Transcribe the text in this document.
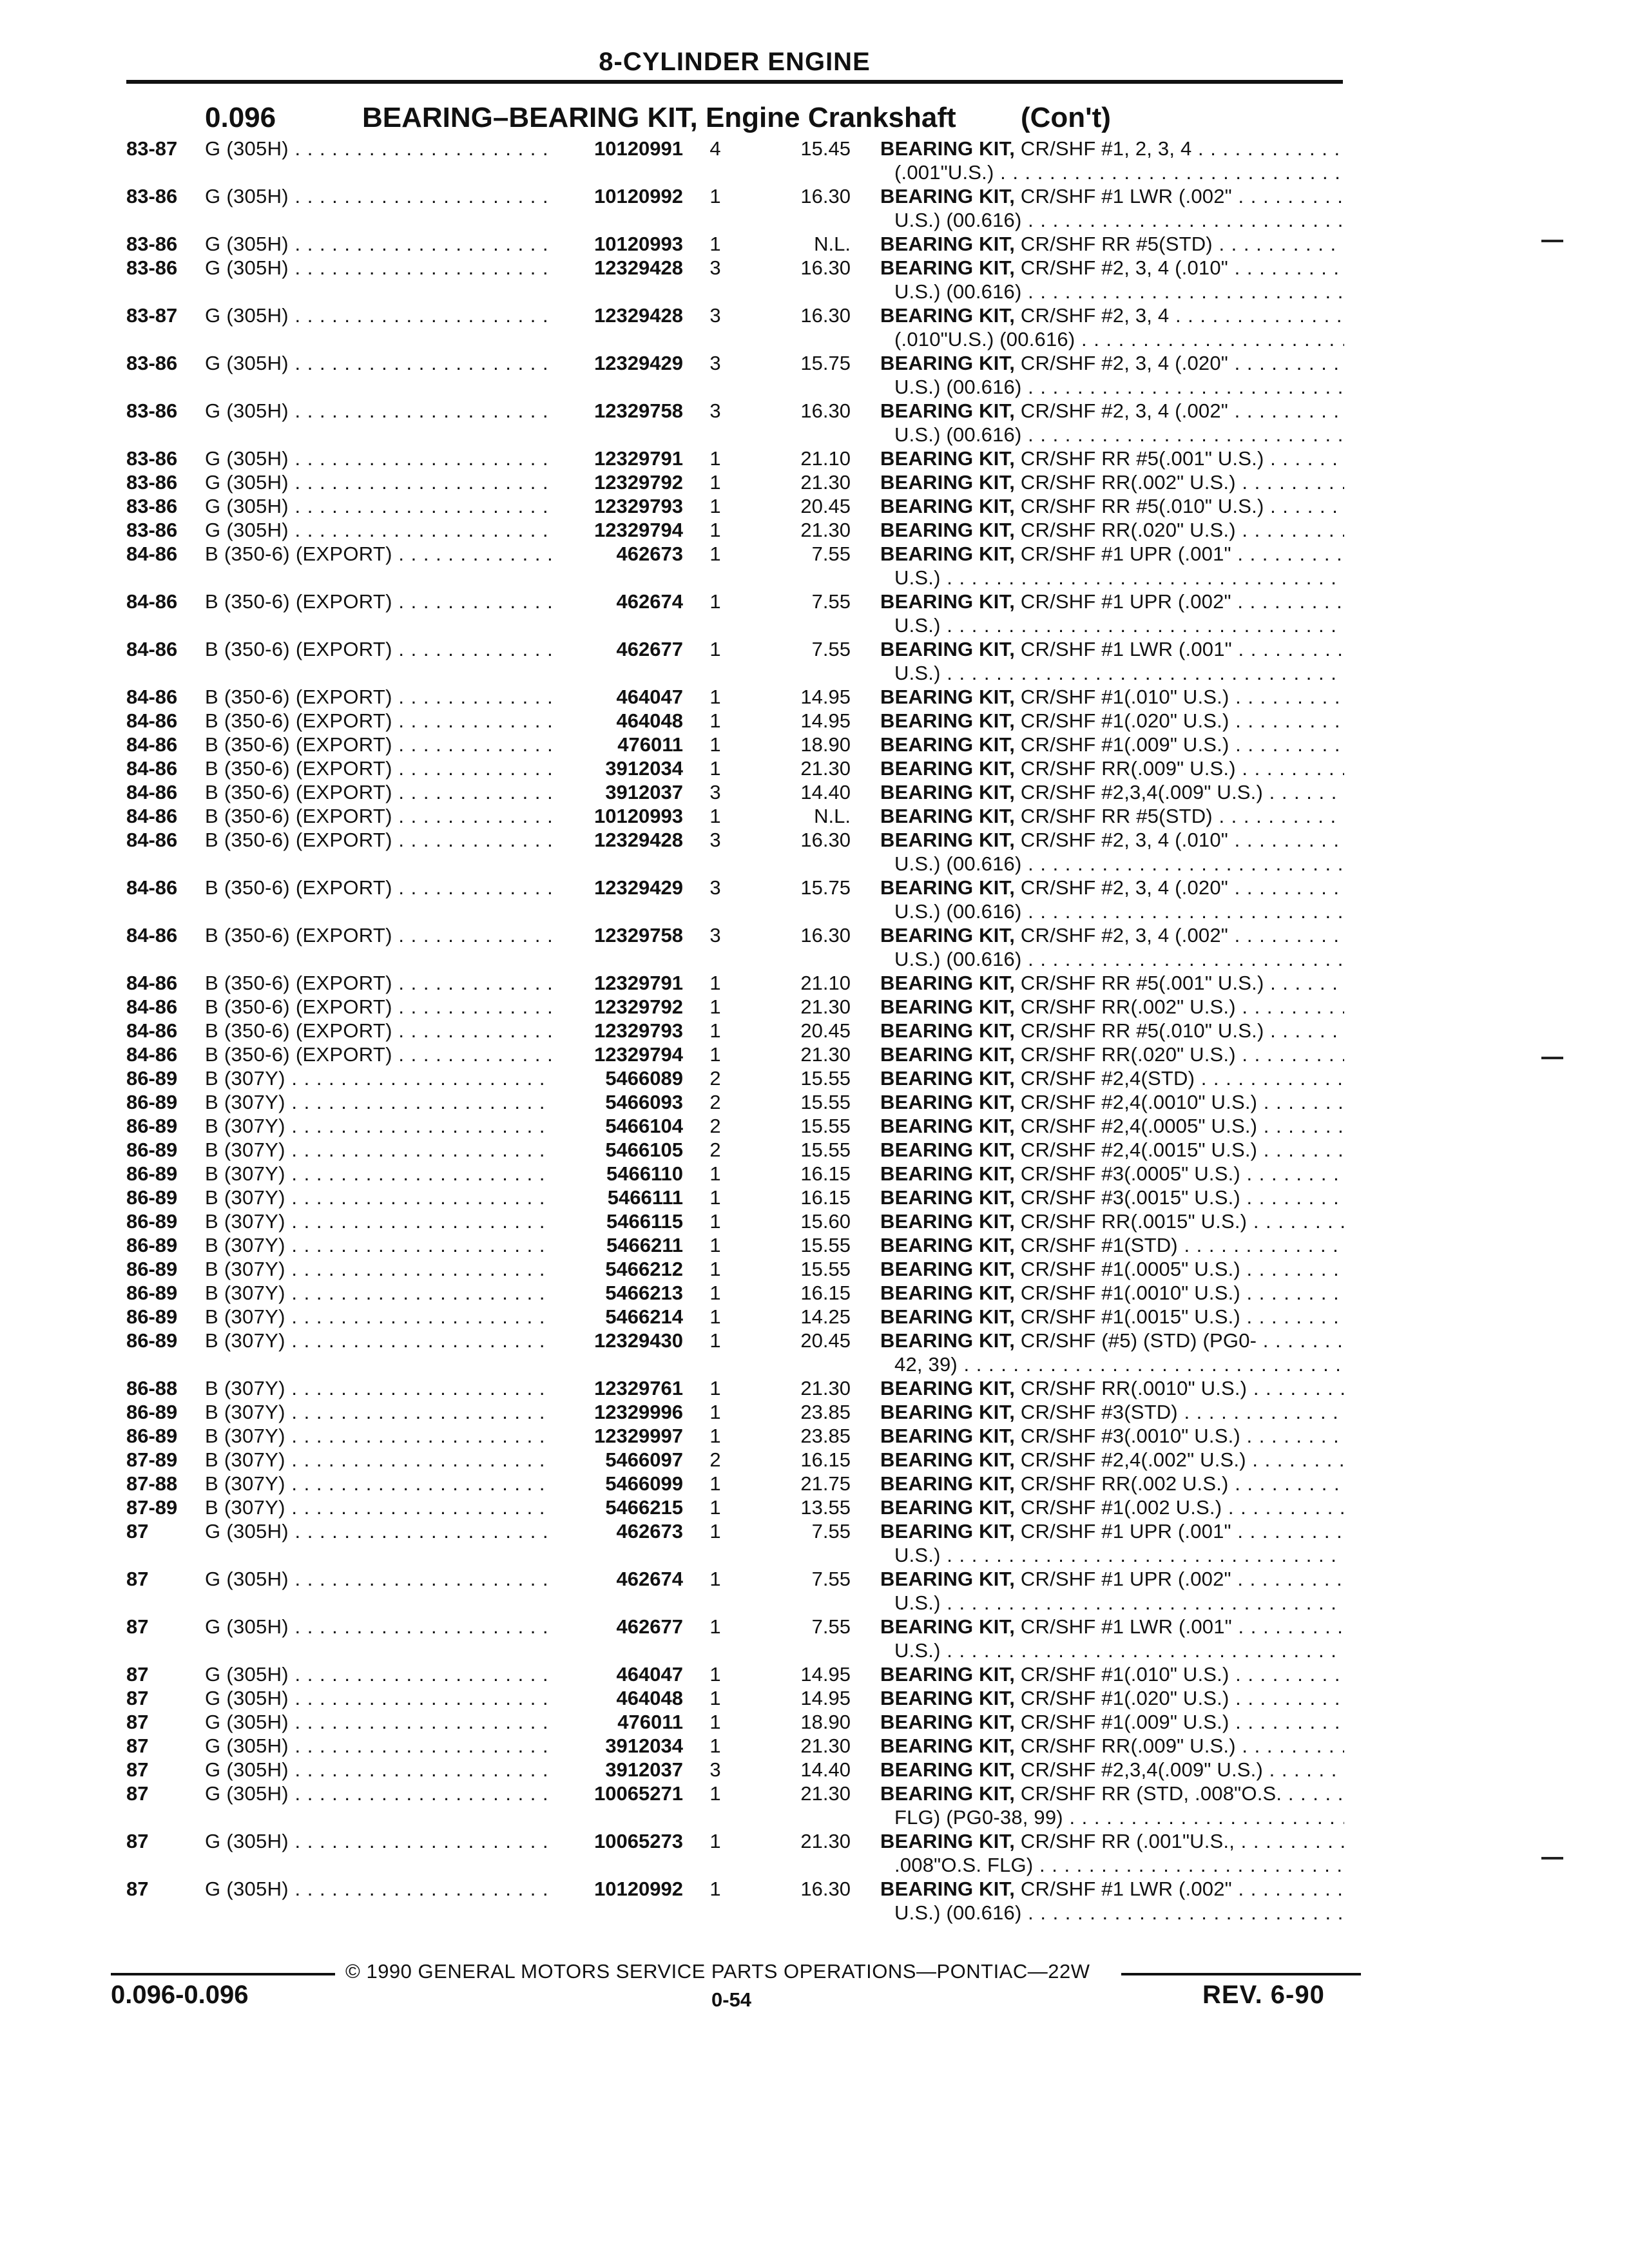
8-CYLINDER ENGINE
0.096	BEARING–BEARING KIT, Engine Crankshaft (Con't)
83-87	G (305H) . . .	10120991	4	15.45 BEARING KIT, CR/SHF #1, 2, 3, 4 . . .
(.001"U.S.) . . .
83-86	G (305H) . . .	10120992	1	16.30 BEARING KIT, CR/SHF #1 LWR (.002" . . .
U.S.) (00.616) . . .
83-86	G (305H) . . .	10120993	1	N.L. BEARING KIT, CR/SHF RR #5(STD) . . .
83-86	G (305H) . . .	12329428	3	16.30 BEARING KIT, CR/SHF #2, 3, 4 (.010" . . .
U.S.) (00.616) . . .
83-87	G (305H) . . .	12329428	3	16.30 BEARING KIT, CR/SHF #2, 3, 4 . . .
(.010"U.S.) (00.616) . . .
83-86	G (305H) . . .	12329429	3	15.75 BEARING KIT, CR/SHF #2, 3, 4 (.020" . . .
U.S.) (00.616) . . .
83-86	G (305H) . . .	12329758	3	16.30 BEARING KIT, CR/SHF #2, 3, 4 (.002" . . .
U.S.) (00.616) . . .
83-86	G (305H) . . .	12329791	1	21.10 BEARING KIT, CR/SHF RR #5(.001" U.S.) . . .
83-86	G (305H) . . .	12329792	1	21.30 BEARING KIT, CR/SHF RR(.002" U.S.) . . .
83-86	G (305H) . . .	12329793	1	20.45 BEARING KIT, CR/SHF RR #5(.010" U.S.) . . .
83-86	G (305H) . . .	12329794	1	21.30 BEARING KIT, CR/SHF RR(.020" U.S.) . . .
84-86	B (350-6) (EXPORT) . . .	462673	1	7.55 BEARING KIT, CR/SHF #1 UPR (.001" . . .
U.S.) . . .
84-86	B (350-6) (EXPORT) . . .	462674	1	7.55 BEARING KIT, CR/SHF #1 UPR (.002" . . .
U.S.) . . .
84-86	B (350-6) (EXPORT) . . .	462677	1	7.55 BEARING KIT, CR/SHF #1 LWR (.001" . . .
U.S.) . . .
84-86	B (350-6) (EXPORT) . . .	464047	1	14.95 BEARING KIT, CR/SHF #1(.010" U.S.) . . .
84-86	B (350-6) (EXPORT) . . .	464048	1	14.95 BEARING KIT, CR/SHF #1(.020" U.S.) . . .
84-86	B (350-6) (EXPORT) . . .	476011	1	18.90 BEARING KIT, CR/SHF #1(.009" U.S.) . . .
84-86	B (350-6) (EXPORT) . . .	3912034	1	21.30 BEARING KIT, CR/SHF RR(.009" U.S.) . . .
84-86	B (350-6) (EXPORT) . . .	3912037	3	14.40 BEARING KIT, CR/SHF #2,3,4(.009" U.S.) . . .
84-86	B (350-6) (EXPORT) . . .	10120993	1	N.L. BEARING KIT, CR/SHF RR #5(STD) . . .
84-86	B (350-6) (EXPORT) . . .	12329428	3	16.30 BEARING KIT, CR/SHF #2, 3, 4 (.010" . . .
U.S.) (00.616) . . .
84-86	B (350-6) (EXPORT) . . .	12329429	3	15.75 BEARING KIT, CR/SHF #2, 3, 4 (.020" . . .
U.S.) (00.616) . . .
84-86	B (350-6) (EXPORT) . . .	12329758	3	16.30 BEARING KIT, CR/SHF #2, 3, 4 (.002" . . .
U.S.) (00.616) . . .
84-86	B (350-6) (EXPORT) . . .	12329791	1	21.10 BEARING KIT, CR/SHF RR #5(.001" U.S.) . . .
84-86	B (350-6) (EXPORT) . . .	12329792	1	21.30 BEARING KIT, CR/SHF RR(.002" U.S.) . . .
84-86	B (350-6) (EXPORT) . . .	12329793	1	20.45 BEARING KIT, CR/SHF RR #5(.010" U.S.) . . .
84-86	B (350-6) (EXPORT) . . .	12329794	1	21.30 BEARING KIT, CR/SHF RR(.020" U.S.) . . .
86-89	B (307Y) . . .	5466089	2	15.55 BEARING KIT, CR/SHF #2,4(STD) . . .
86-89	B (307Y) . . .	5466093	2	15.55 BEARING KIT, CR/SHF #2,4(.0010" U.S.) . . .
86-89	B (307Y) . . .	5466104	2	15.55 BEARING KIT, CR/SHF #2,4(.0005" U.S.) . . .
86-89	B (307Y) . . .	5466105	2	15.55 BEARING KIT, CR/SHF #2,4(.0015" U.S.) . . .
86-89	B (307Y) . . .	5466110	1	16.15 BEARING KIT, CR/SHF #3(.0005" U.S.) . . .
86-89	B (307Y) . . .	5466111	1	16.15 BEARING KIT, CR/SHF #3(.0015" U.S.) . . .
86-89	B (307Y) . . .	5466115	1	15.60 BEARING KIT, CR/SHF RR(.0015" U.S.) . . .
86-89	B (307Y) . . .	5466211	1	15.55 BEARING KIT, CR/SHF #1(STD) . . .
86-89	B (307Y) . . .	5466212	1	15.55 BEARING KIT, CR/SHF #1(.0005" U.S.) . . .
86-89	B (307Y) . . .	5466213	1	16.15 BEARING KIT, CR/SHF #1(.0010" U.S.) . . .
86-89	B (307Y) . . .	5466214	1	14.25 BEARING KIT, CR/SHF #1(.0015" U.S.) . . .
86-89	B (307Y) . . .	12329430	1	20.45 BEARING KIT, CR/SHF (#5) (STD) (PG0- . . .
42, 39) . . .
86-88	B (307Y) . . .	12329761	1	21.30 BEARING KIT, CR/SHF RR(.0010" U.S.) . . .
86-89	B (307Y) . . .	12329996	1	23.85 BEARING KIT, CR/SHF #3(STD) . . .
86-89	B (307Y) . . .	12329997	1	23.85 BEARING KIT, CR/SHF #3(.0010" U.S.) . . .
87-89	B (307Y) . . .	5466097	2	16.15 BEARING KIT, CR/SHF #2,4(.002" U.S.) . . .
87-88	B (307Y) . . .	5466099	1	21.75 BEARING KIT, CR/SHF RR(.002 U.S.) . . .
87-89	B (307Y) . . .	5466215	1	13.55 BEARING KIT, CR/SHF #1(.002 U.S.) . . .
87	G (305H) . . .	462673	1	7.55 BEARING KIT, CR/SHF #1 UPR (.001" . . .
U.S.) . . .
87	G (305H) . . .	462674	1	7.55 BEARING KIT, CR/SHF #1 UPR (.002" . . .
U.S.) . . .
87	G (305H) . . .	462677	1	7.55 BEARING KIT, CR/SHF #1 LWR (.001" . . .
U.S.) . . .
87	G (305H) . . .	464047	1	14.95 BEARING KIT, CR/SHF #1(.010" U.S.) . . .
87	G (305H) . . .	464048	1	14.95 BEARING KIT, CR/SHF #1(.020" U.S.) . . .
87	G (305H) . . .	476011	1	18.90 BEARING KIT, CR/SHF #1(.009" U.S.) . . .
87	G (305H) . . .	3912034	1	21.30 BEARING KIT, CR/SHF RR(.009" U.S.) . . .
87	G (305H) . . .	3912037	3	14.40 BEARING KIT, CR/SHF #2,3,4(.009" U.S.) . . .
87	G (305H) . . .	10065271	1	21.30 BEARING KIT, CR/SHF RR (STD, .008"O.S. . . .
FLG) (PG0-38, 99) . . .
87	G (305H) . . .	10065273	1	21.30 BEARING KIT, CR/SHF RR (.001"U.S., . . .
.008"O.S. FLG) . . .
87	G (305H) . . .	10120992	1	16.30 BEARING KIT, CR/SHF #1 LWR (.002" . . .
U.S.) (00.616) . . .
© 1990 GENERAL MOTORS SERVICE PARTS OPERATIONS—PONTIAC—22W
0.096-0.096	0-54	REV. 6-90
